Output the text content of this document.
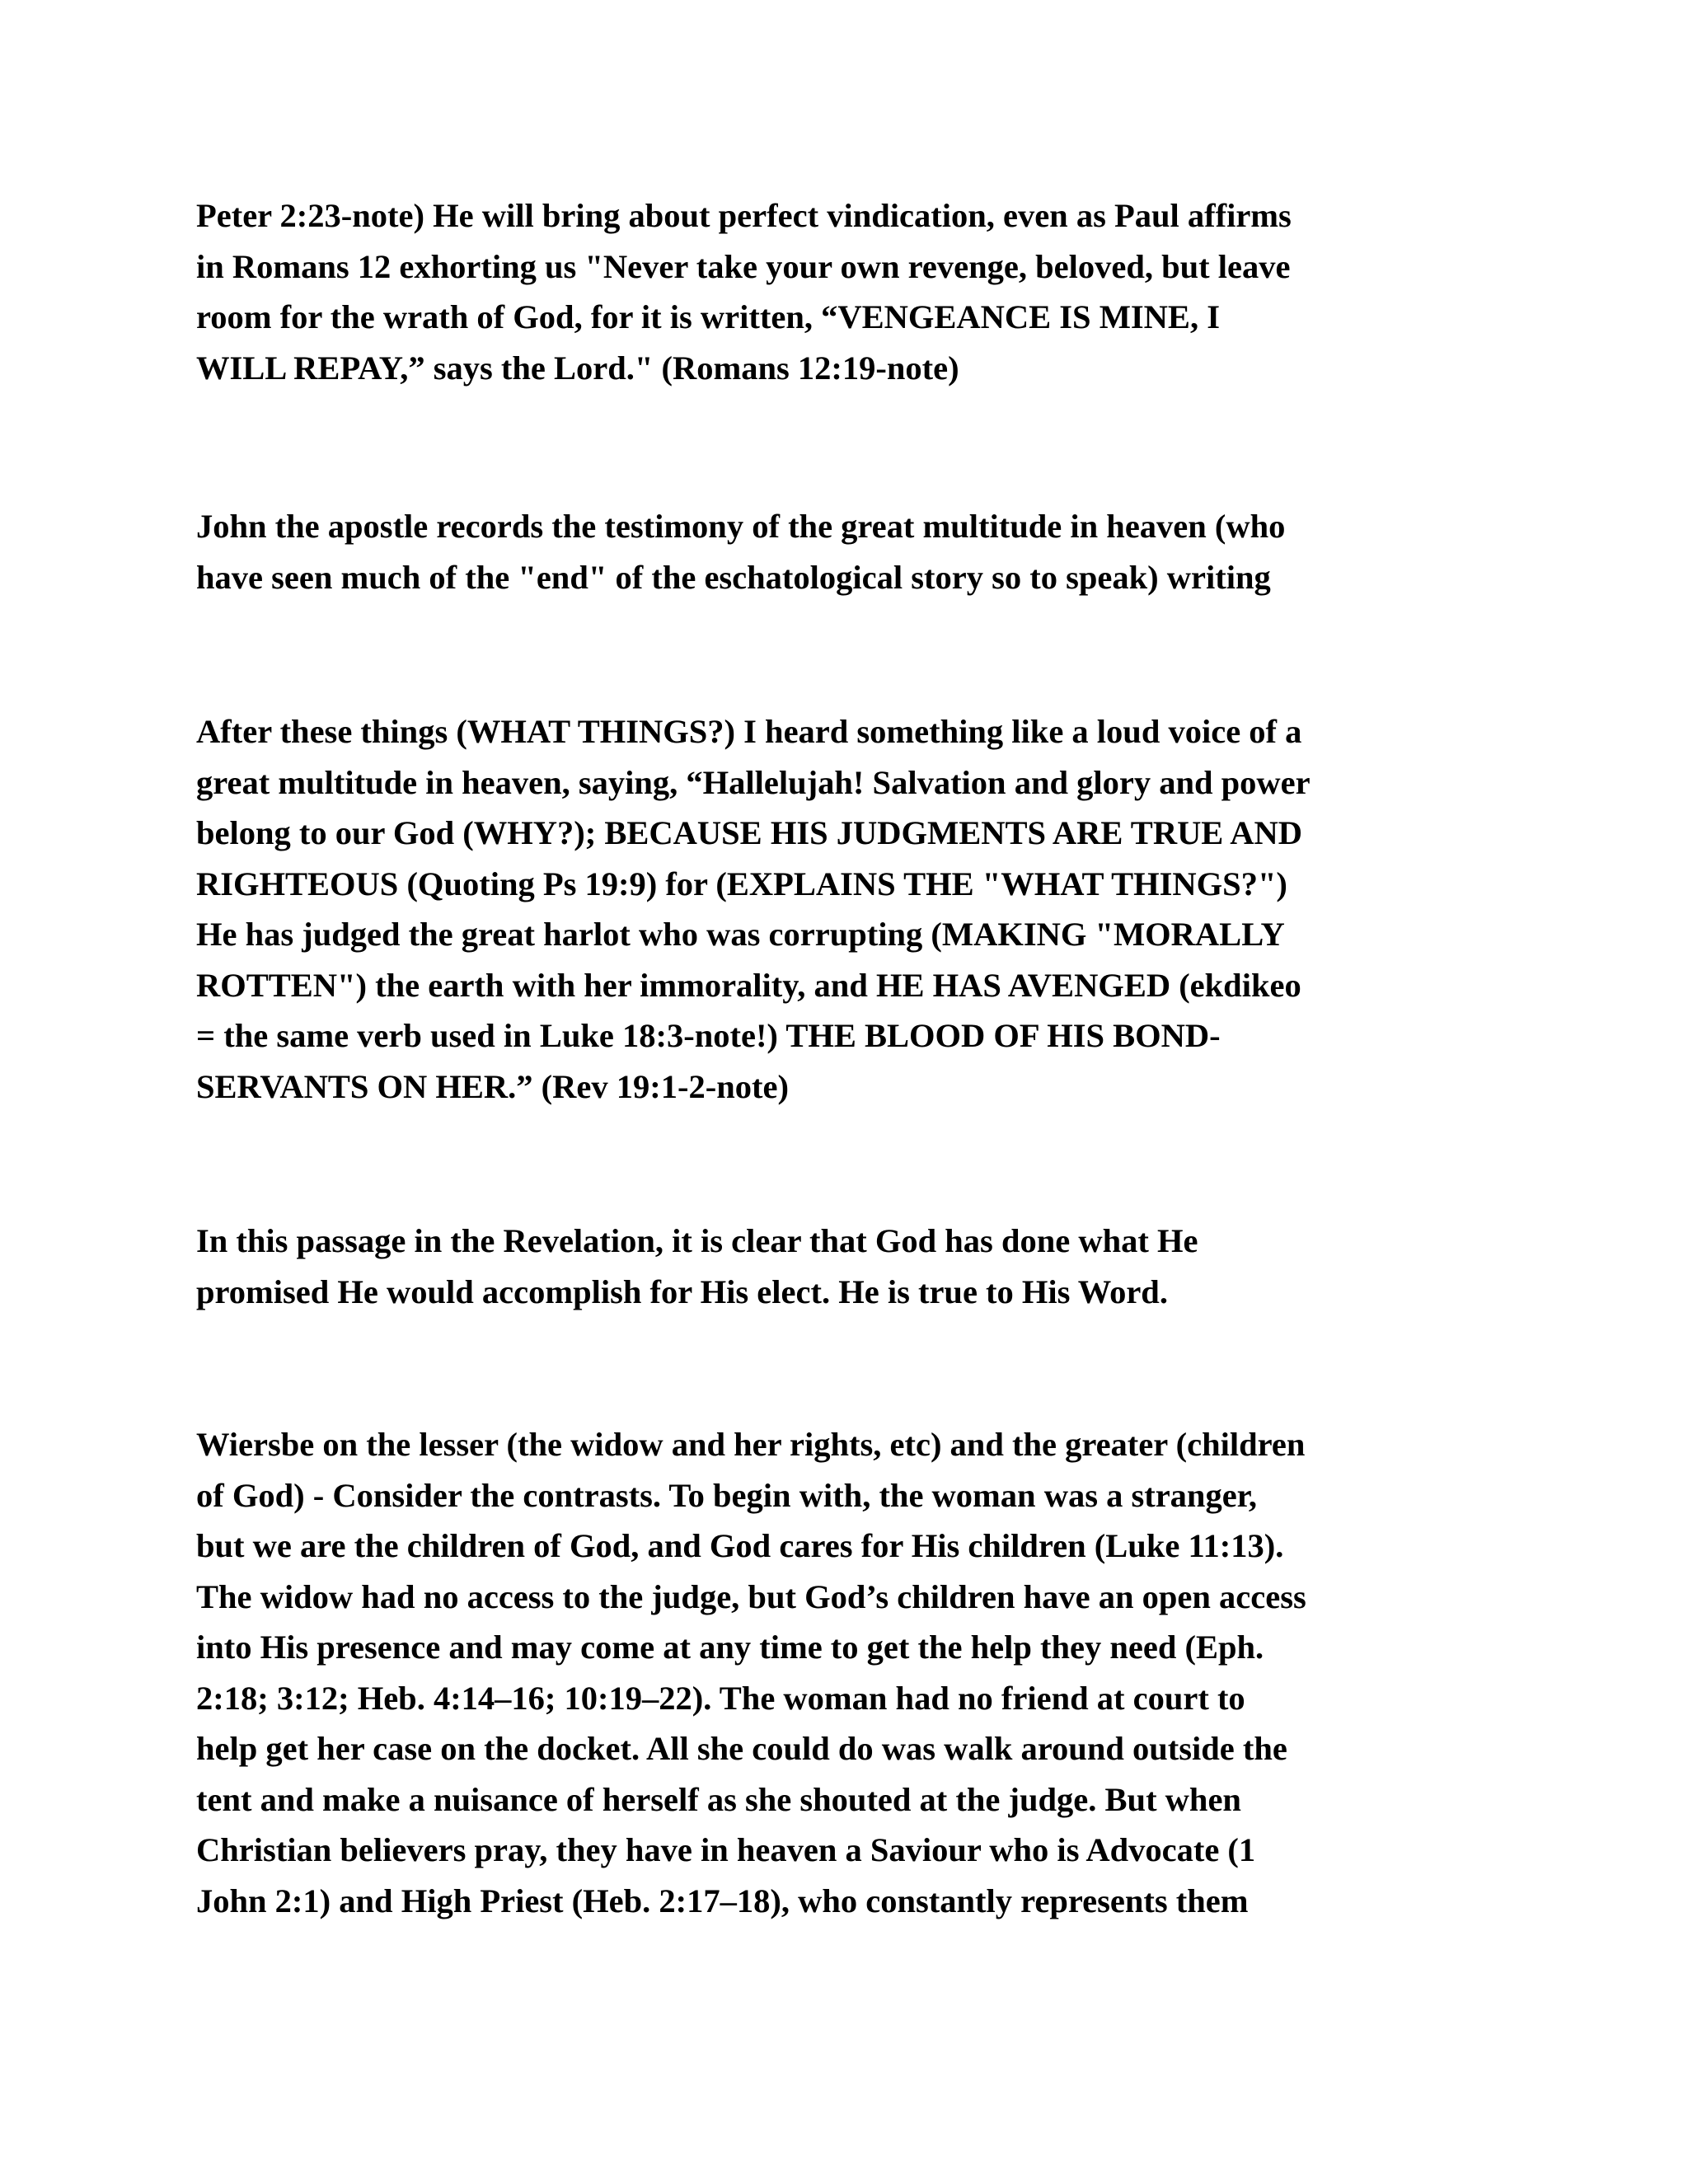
Peter 2:23-note) He will bring about perfect vindication, even as Paul affirms
in Romans 12 exhorting us "Never take your own revenge, beloved, but leave
room for the wrath of God, for it is written, “VENGEANCE IS MINE, I
WILL REPAY,” says the Lord." (Romans 12:19-note)

John the apostle records the testimony of the great multitude in heaven (who
have seen much of the "end" of the eschatological story so to speak) writing

After these things (WHAT THINGS?) I heard something like a loud voice of a
great multitude in heaven, saying, “Hallelujah! Salvation and glory and power
belong to our God (WHY?); BECAUSE HIS JUDGMENTS ARE TRUE AND
RIGHTEOUS (Quoting Ps 19:9) for (EXPLAINS THE "WHAT THINGS?")
He has judged the great harlot who was corrupting (MAKING "MORALLY
ROTTEN") the earth with her immorality, and HE HAS AVENGED (ekdikeo
= the same verb used in Luke 18:3-note!) THE BLOOD OF HIS BOND-
SERVANTS ON HER.” (Rev 19:1-2-note)

In this passage in the Revelation, it is clear that God has done what He
promised He would accomplish for His elect. He is true to His Word.

Wiersbe on the lesser (the widow and her rights, etc) and the greater (children
of God) - Consider the contrasts. To begin with, the woman was a stranger,
but we are the children of God, and God cares for His children (Luke 11:13).
The widow had no access to the judge, but God’s children have an open access
into His presence and may come at any time to get the help they need (Eph.
2:18; 3:12; Heb. 4:14–16; 10:19–22). The woman had no friend at court to
help get her case on the docket. All she could do was walk around outside the
tent and make a nuisance of herself as she shouted at the judge. But when
Christian believers pray, they have in heaven a Saviour who is Advocate (1
John 2:1) and High Priest (Heb. 2:17–18), who constantly represents them
